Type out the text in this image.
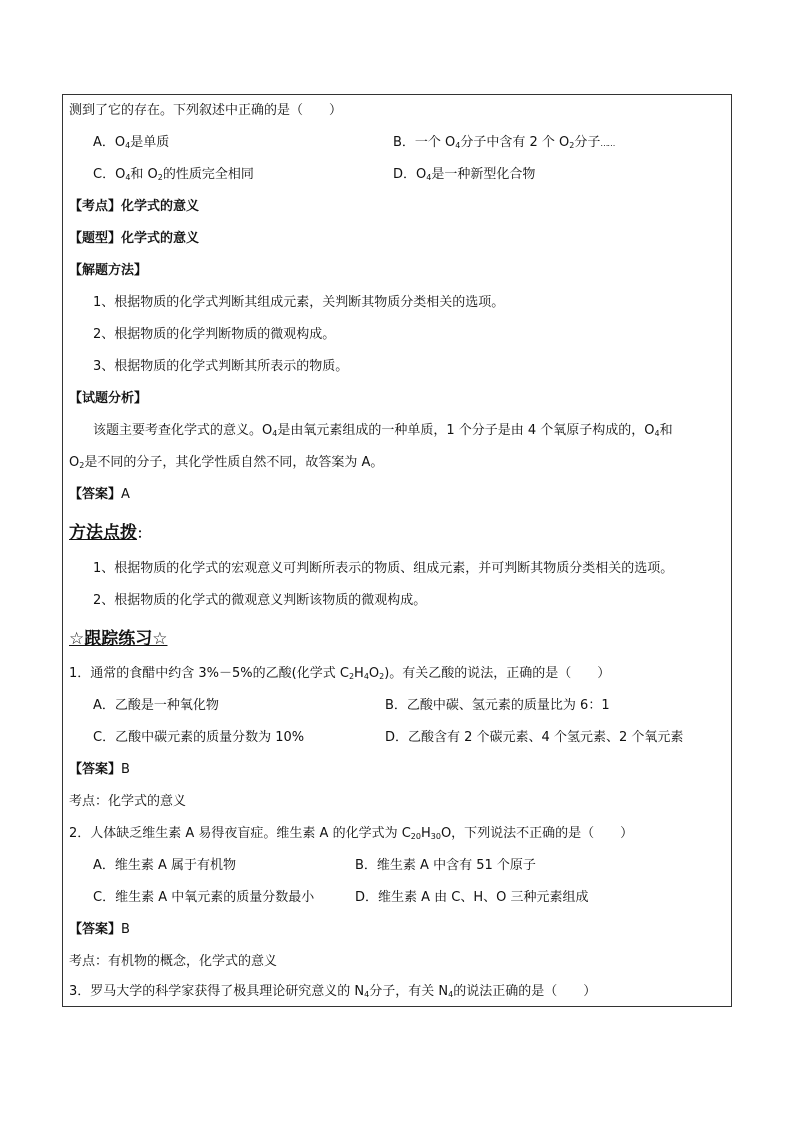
测到了它的存在。下列叙述中正确的是（　　）
A．$O_4$是单质	B．一个 $O_4$分子中含有 2 个 $O_2$分子……
C．$O_4$和 $O_2$的性质完全相同	D．$O_4$是一种新型化合物
【考点】化学式的意义
【题型】化学式的意义
【解题方法】
1、根据物质的化学式判断其组成元素，关判断其物质分类相关的选项。
2、根据物质的化学判断物质的微观构成。
3、根据物质的化学式判断其所表示的物质。
【试题分析】
该题主要考查化学式的意义。$O_4$是由氧元素组成的一种单质，1 个分子是由 4 个氧原子构成的，$O_4$和
$O_2$是不同的分子，其化学性质自然不同，故答案为 A。
【答案】A
方法点拨：
1、根据物质的化学式的宏观意义可判断所表示的物质、组成元素，并可判断其物质分类相关的选项。
2、根据物质的化学式的微观意义判断该物质的微观构成。
☆跟踪练习☆
1．通常的食醋中约含 3%－5%的乙酸(化学式 $C_2H_4O_2$)。有关乙酸的说法，正确的是（　　）
A．乙酸是一种氧化物	B．乙酸中碳、氢元素的质量比为 6：1
C．乙酸中碳元素的质量分数为 10%	D．乙酸含有 2 个碳元素、4 个氢元素、2 个氧元素
【答案】B
考点：化学式的意义
2．人体缺乏维生素 A 易得夜盲症。维生素 A 的化学式为 $C_{20}H_{30}O$，下列说法不正确的是（　　）
A．维生素 A 属于有机物	B．维生素 A 中含有 51 个原子
C．维生素 A 中氧元素的质量分数最小	D．维生素 A 由 C、H、O 三种元素组成
【答案】B
考点：有机物的概念，化学式的意义
3．罗马大学的科学家获得了极具理论研究意义的 $N_4$分子，有关 $N_4$的说法正确的是（　　）
